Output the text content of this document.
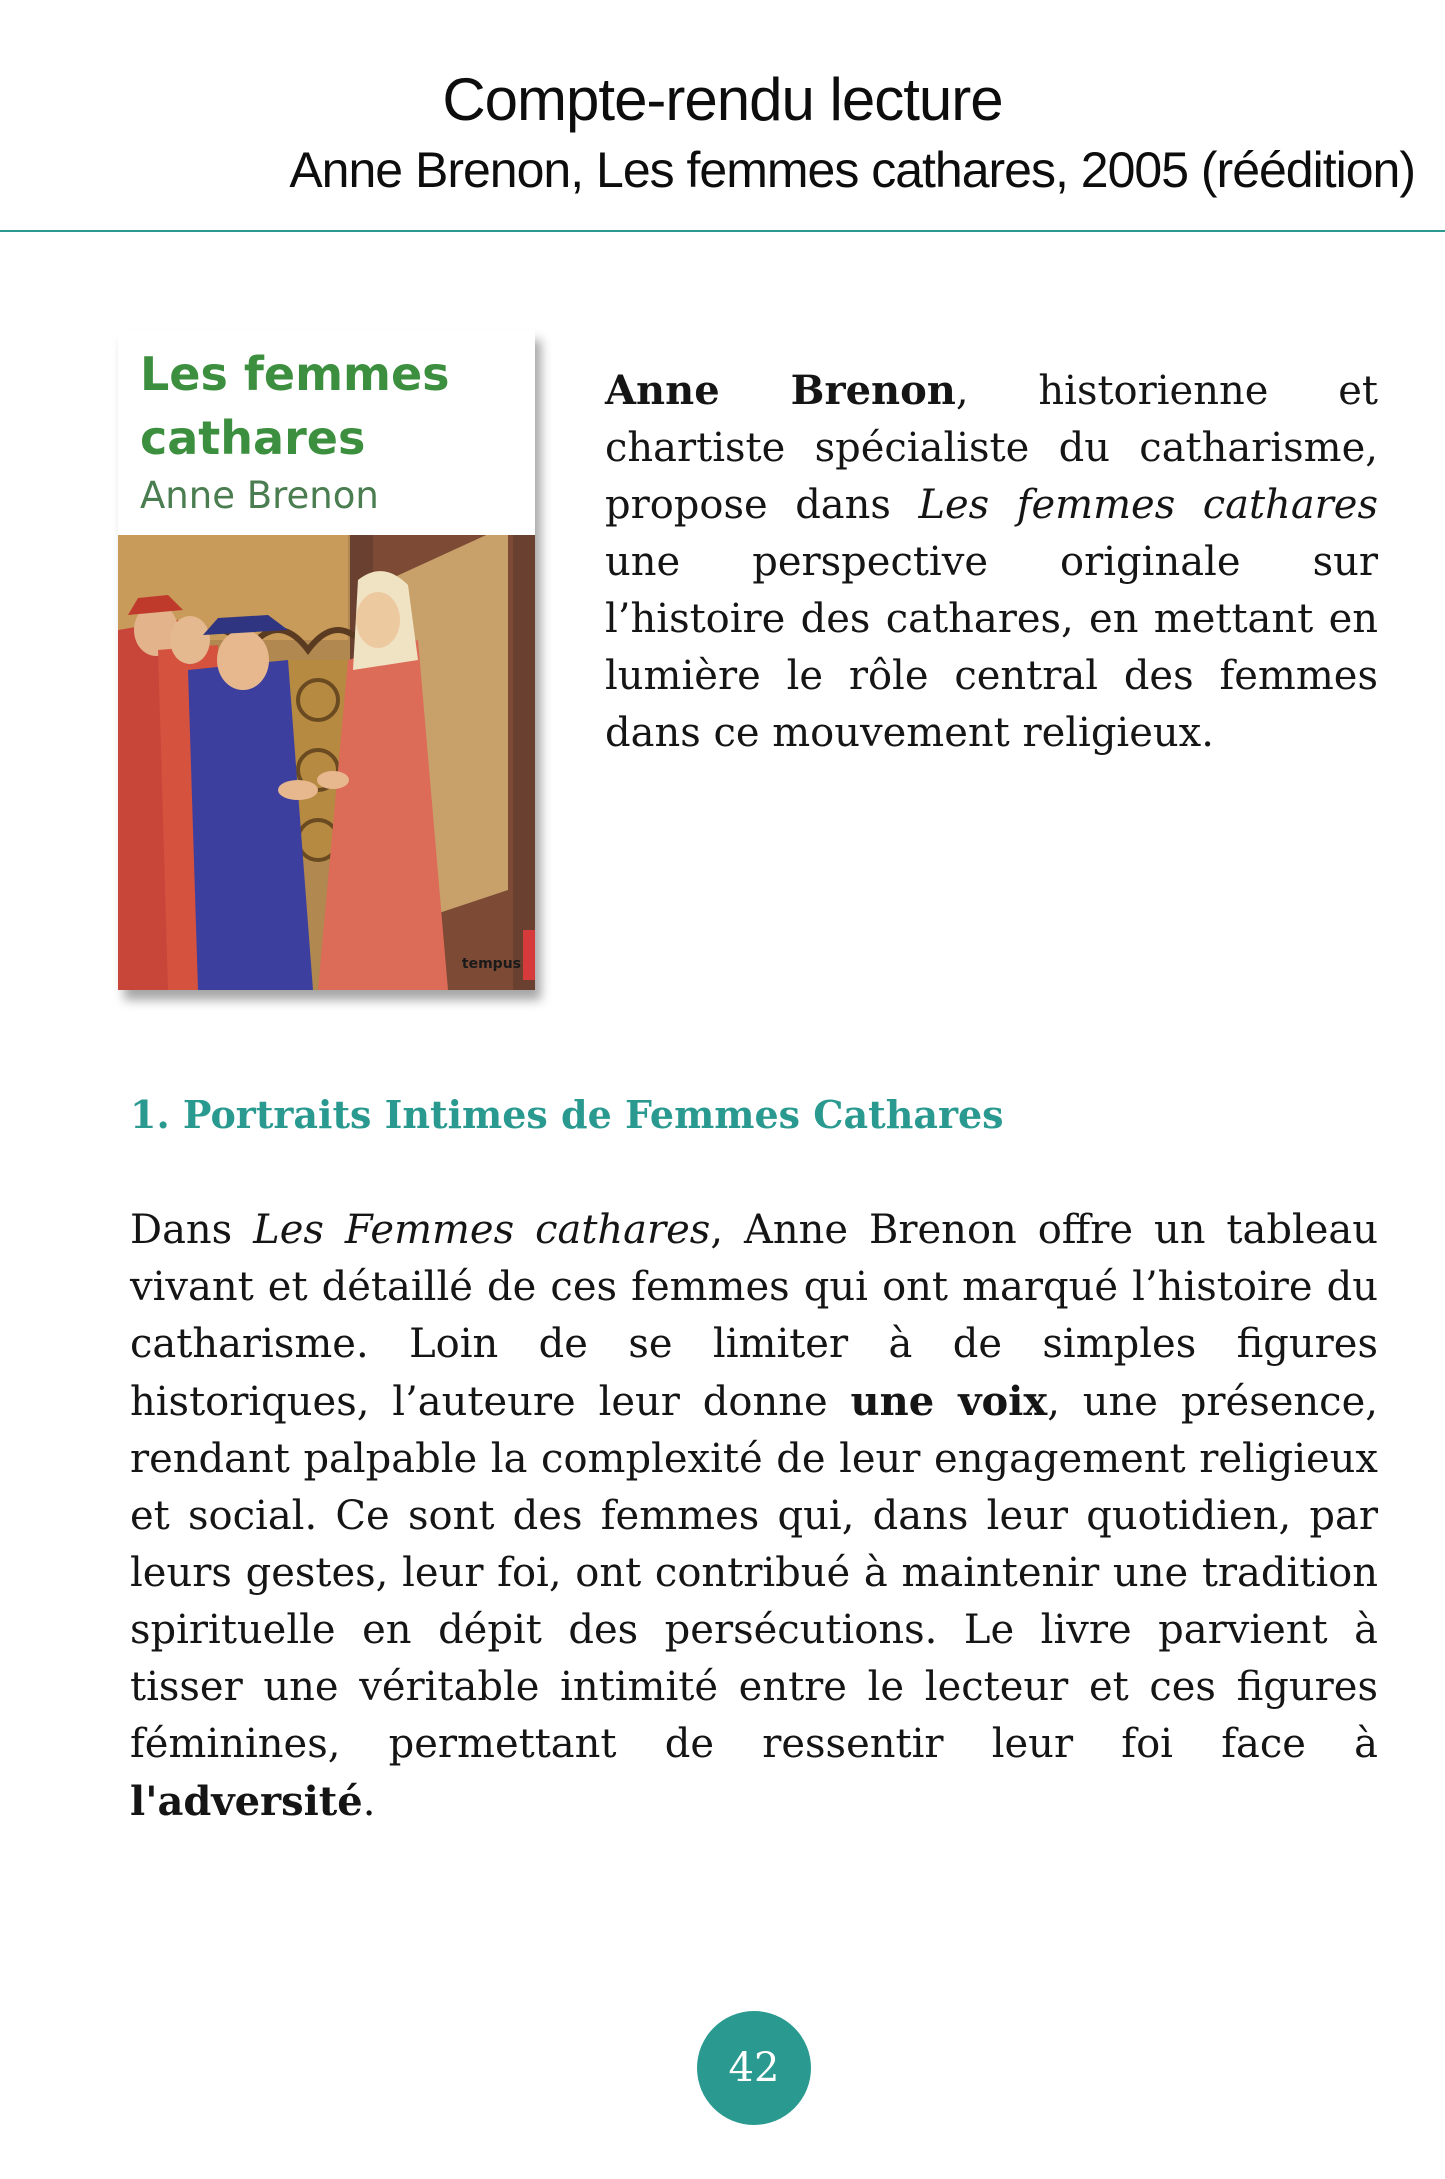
Compte-rendu lecture
Anne Brenon, Les femmes cathares, 2005 (réédition)
Les femmes cathares
Anne Brenon
tempus
Anne Brenon, historienne et chartiste spécialiste du catharisme, propose dans Les femmes cathares une perspective originale sur l’histoire des cathares, en mettant en lumière le rôle central des femmes dans ce mouvement religieux.
1. Portraits Intimes de Femmes Cathares
Dans Les Femmes cathares, Anne Brenon offre un tableau vivant et détaillé de ces femmes qui ont marqué l’histoire du catharisme. Loin de se limiter à de simples figures historiques, l’auteure leur donne une voix, une présence, rendant palpable la complexité de leur engagement religieux et social. Ce sont des femmes qui, dans leur quotidien, par leurs gestes, leur foi, ont contribué à maintenir une tradition spirituelle en dépit des persécutions. Le livre parvient à tisser une véritable intimité entre le lecteur et ces figures féminines, permettant de ressentir leur foi face à l'adversité.
42
